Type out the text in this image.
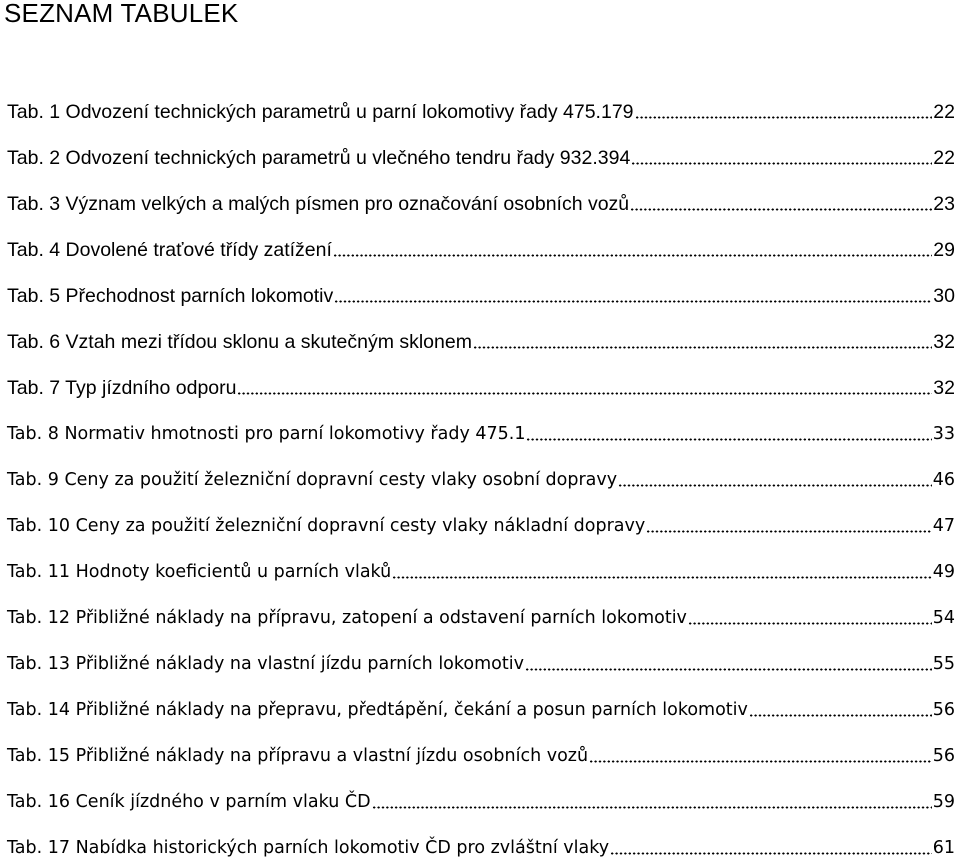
SEZNAM TABULEK
Tab. 1 Odvození technických parametrů u parní lokomotivy řady 475.179	22
Tab. 2 Odvození technických parametrů u vlečného tendru řady 932.394	22
Tab. 3 Význam velkých a malých písmen pro označování osobních vozů	23
Tab. 4 Dovolené traťové třídy zatížení	29
Tab. 5 Přechodnost parních lokomotiv	30
Tab. 6 Vztah mezi třídou sklonu a skutečným sklonem	32
Tab. 7 Typ jízdního odporu	32
Tab. 8 Normativ hmotnosti pro parní lokomotivy řady 475.1	33
Tab. 9 Ceny za použití železniční dopravní cesty vlaky osobní dopravy	46
Tab. 10 Ceny za použití železniční dopravní cesty vlaky nákladní dopravy	47
Tab. 11 Hodnoty koeficientů u parních vlaků	49
Tab. 12 Přibližné náklady na přípravu, zatopení a odstavení parních lokomotiv	54
Tab. 13 Přibližné náklady na vlastní jízdu parních lokomotiv	55
Tab. 14 Přibližné náklady na přepravu, předtápění, čekání a posun parních lokomotiv	56
Tab. 15 Přibližné náklady na přípravu a vlastní jízdu osobních vozů	56
Tab. 16 Ceník jízdného v parním vlaku ČD	59
Tab. 17 Nabídka historických parních lokomotiv ČD pro zvláštní vlaky	61
